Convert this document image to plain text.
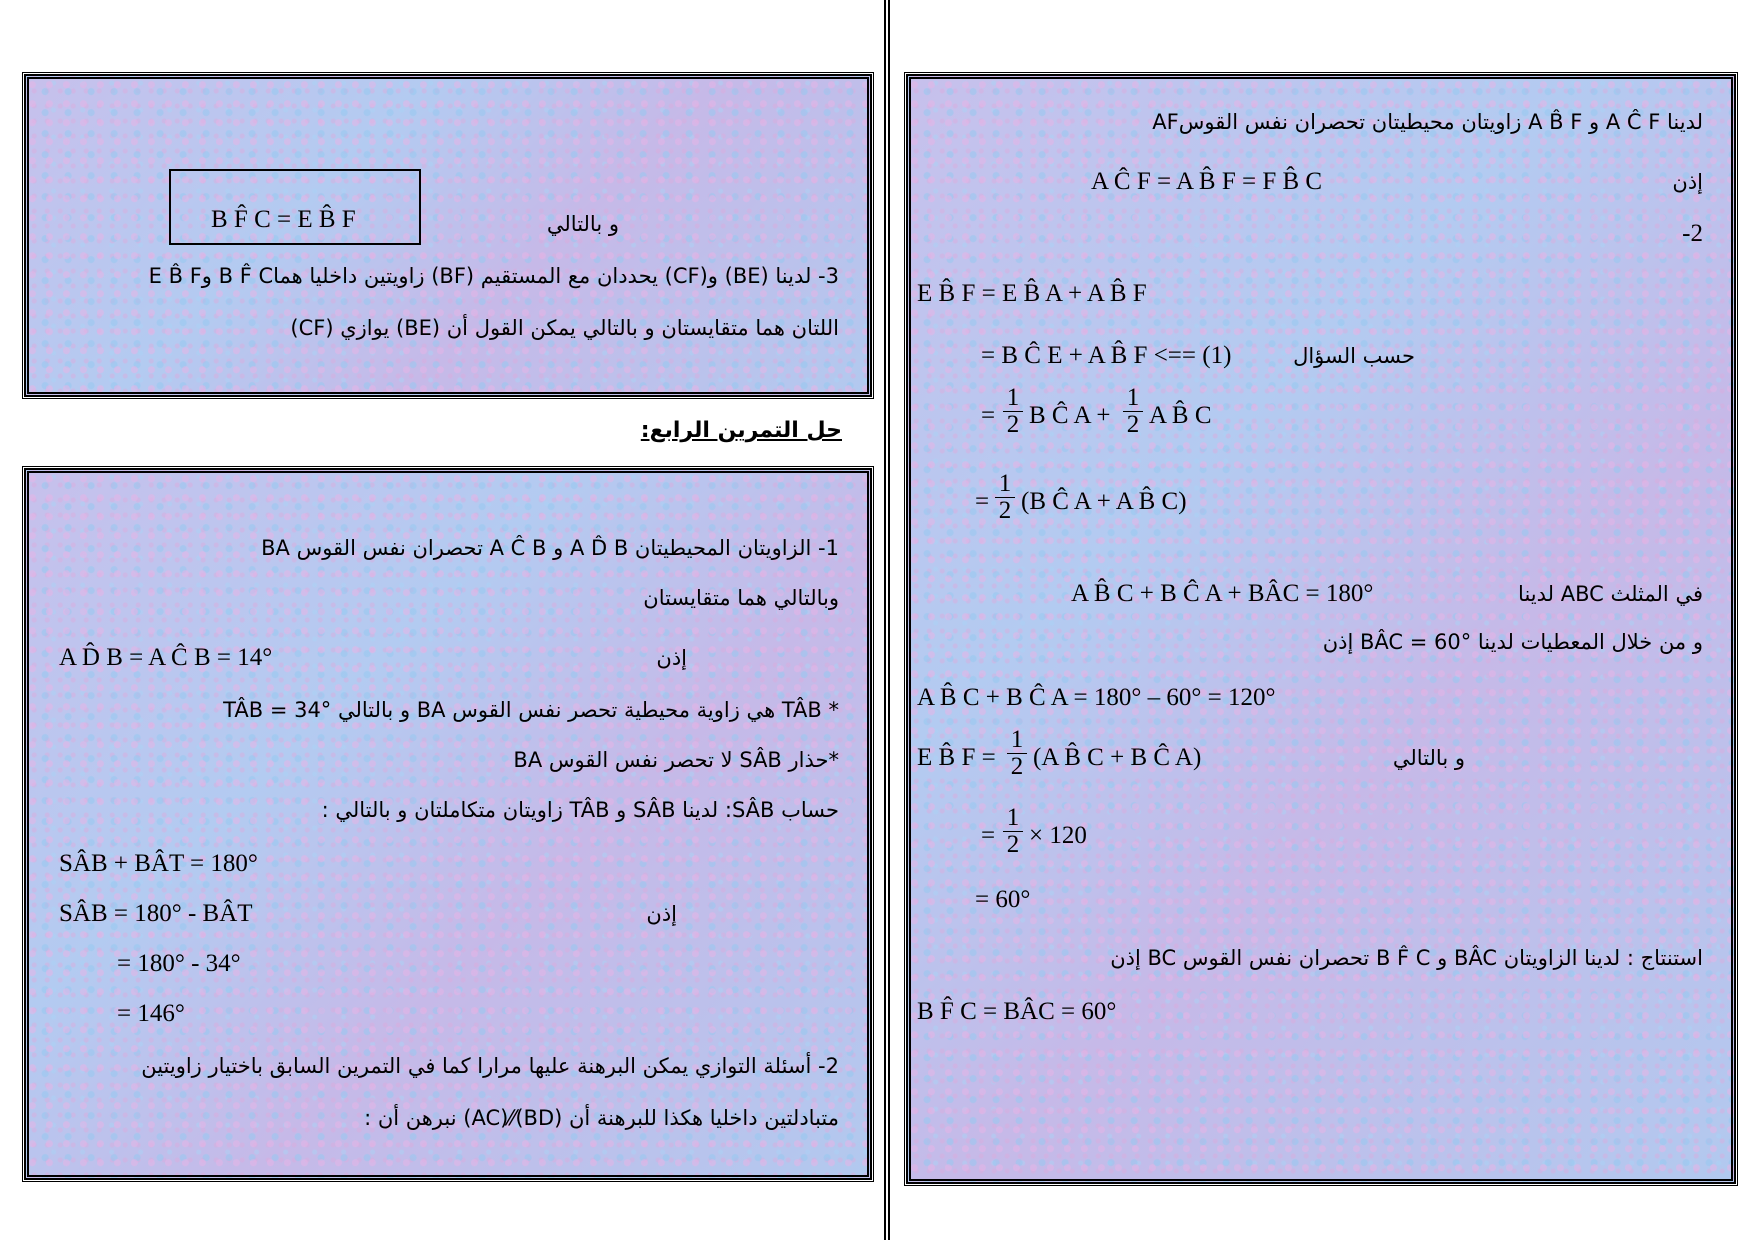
B F̂ C = E B̂ F	و بالتالي
3- لدينا (BE) و(CF) يحددان مع المستقيم (BF) زاويتين داخليا هماB F̂ C وE B̂ F
اللتان هما متقايستان و بالتالي يمكن القول أن (BE) يوازي (CF)
حل التمرين الرابع:
1- الزاويتان المحيطيتان A D̂ B و A Ĉ B تحصران نفس القوس BA
وبالتالي هما متقايستان
A D̂ B = A Ĉ B = 14°	إذن
* TÂB هي زاوية محيطية تحصر نفس القوس BA و بالتالي TÂB = 34°
*حذار SÂB لا تحصر نفس القوس BA
حساب SÂB: لدينا SÂB و TÂB زاويتان متكاملتان و بالتالي :
SÂB + BÂT = 180°
SÂB = 180° - BÂT	إذن
= 180° - 34°
= 146°
2- أسئلة التوازي يمكن البرهنة عليها مرارا كما في التمرين السابق باختيار زاويتين
متبادلتين داخليا هكذا للبرهنة أن (BD)⁄⁄(AC) نبرهن أن :
لدينا A Ĉ F و A B̂ F زاويتان محيطيتان تحصران نفس القوسAF
إذن
A Ĉ F = A B̂ F = F B̂ C
-2
E B̂ F = E B̂ A + A B̂ F
= B Ĉ E + A B̂ F <== (1)	حسب السؤال
= $\frac{1}{2}$ B Ĉ $A + \frac{1}{2}$ A B̂ C
= $\frac{1}{2} (B$ Ĉ A + A B̂ C)
A B̂ C + B Ĉ A + BÂC = 180°	في المثلث ABC لدينا
و من خلال المعطيات لدينا BÂC = 60° إذن
A B̂ C + B Ĉ A = 180° – 60° = 120°
E B̂ $F = \frac{1}{2} (A$ B̂ C + B Ĉ A)	و بالتالي
= $\frac{1}{2} \times 120$
= 60°
استنتاج : لدينا الزاويتان BÂC و B F̂ C تحصران نفس القوس BC إذن
B F̂ C = BÂC = 60°
